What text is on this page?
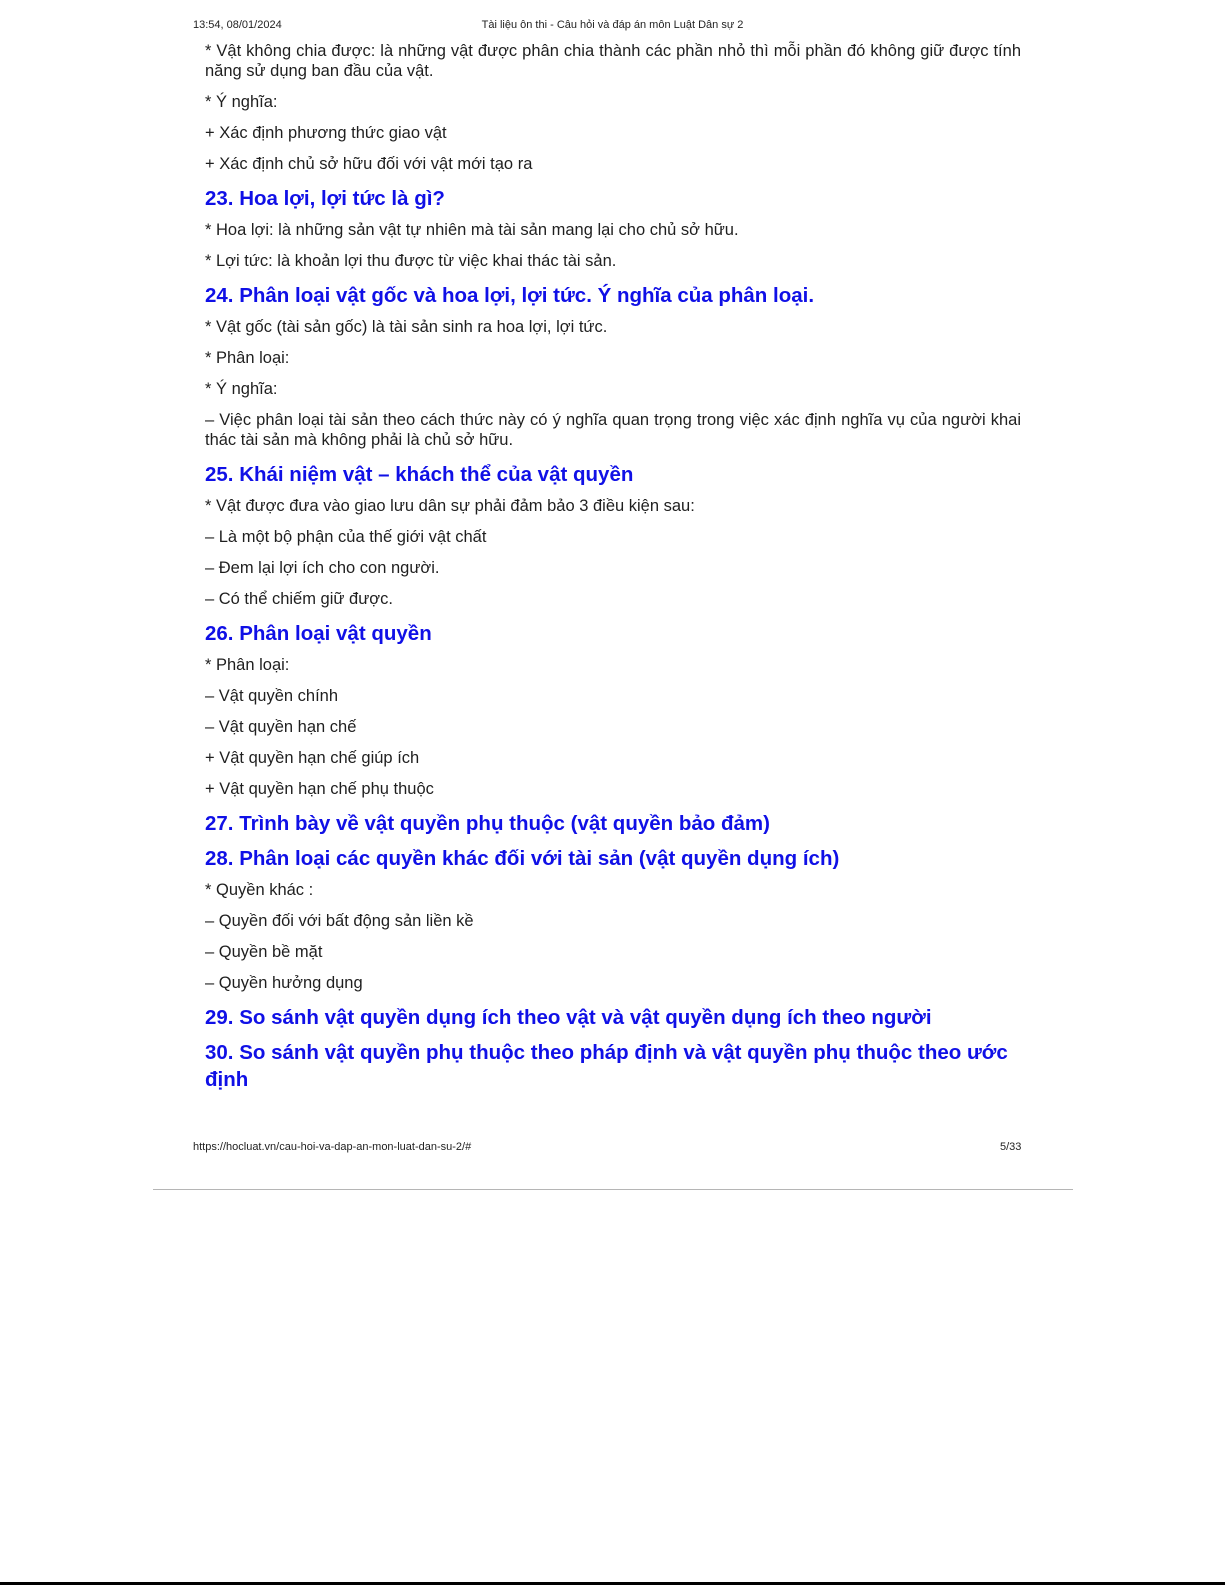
13:54, 08/01/2024	Tài liệu ôn thi - Câu hỏi và đáp án môn Luật Dân sự 2

* Vật không chia được: là những vật được phân chia thành các phần nhỏ thì mỗi phần đó không giữ được tính năng sử dụng ban đầu của vật.

* Ý nghĩa:

+ Xác định phương thức giao vật

+ Xác định chủ sở hữu đối với vật mới tạo ra

23. Hoa lợi, lợi tức là gì?

* Hoa lợi: là những sản vật tự nhiên mà tài sản mang lại cho chủ sở hữu.

* Lợi tức: là khoản lợi thu được từ việc khai thác tài sản.

24. Phân loại vật gốc và hoa lợi, lợi tức. Ý nghĩa của phân loại.

* Vật gốc (tài sản gốc) là tài sản sinh ra hoa lợi, lợi tức.

* Phân loại:

* Ý nghĩa:

– Việc phân loại tài sản theo cách thức này có ý nghĩa quan trọng trong việc xác định nghĩa vụ của người khai thác tài sản mà không phải là chủ sở hữu.

25. Khái niệm vật – khách thể của vật quyền

* Vật được đưa vào giao lưu dân sự phải đảm bảo 3 điều kiện sau:

– Là một bộ phận của thế giới vật chất

– Đem lại lợi ích cho con người.

– Có thể chiếm giữ được.

26. Phân loại vật quyền

* Phân loại:

– Vật quyền chính

– Vật quyền hạn chế

+ Vật quyền hạn chế giúp ích

+ Vật quyền hạn chế phụ thuộc

27. Trình bày về vật quyền phụ thuộc (vật quyền bảo đảm)
28. Phân loại các quyền khác đối với tài sản (vật quyền dụng ích)

* Quyền khác :

– Quyền đối với bất động sản liền kề

– Quyền bề mặt

– Quyền hưởng dụng

29. So sánh vật quyền dụng ích theo vật và vật quyền dụng ích theo người
30. So sánh vật quyền phụ thuộc theo pháp định và vật quyền phụ thuộc theo ước định
https://hocluat.vn/cau-hoi-va-dap-an-mon-luat-dan-su-2/#	5/33
